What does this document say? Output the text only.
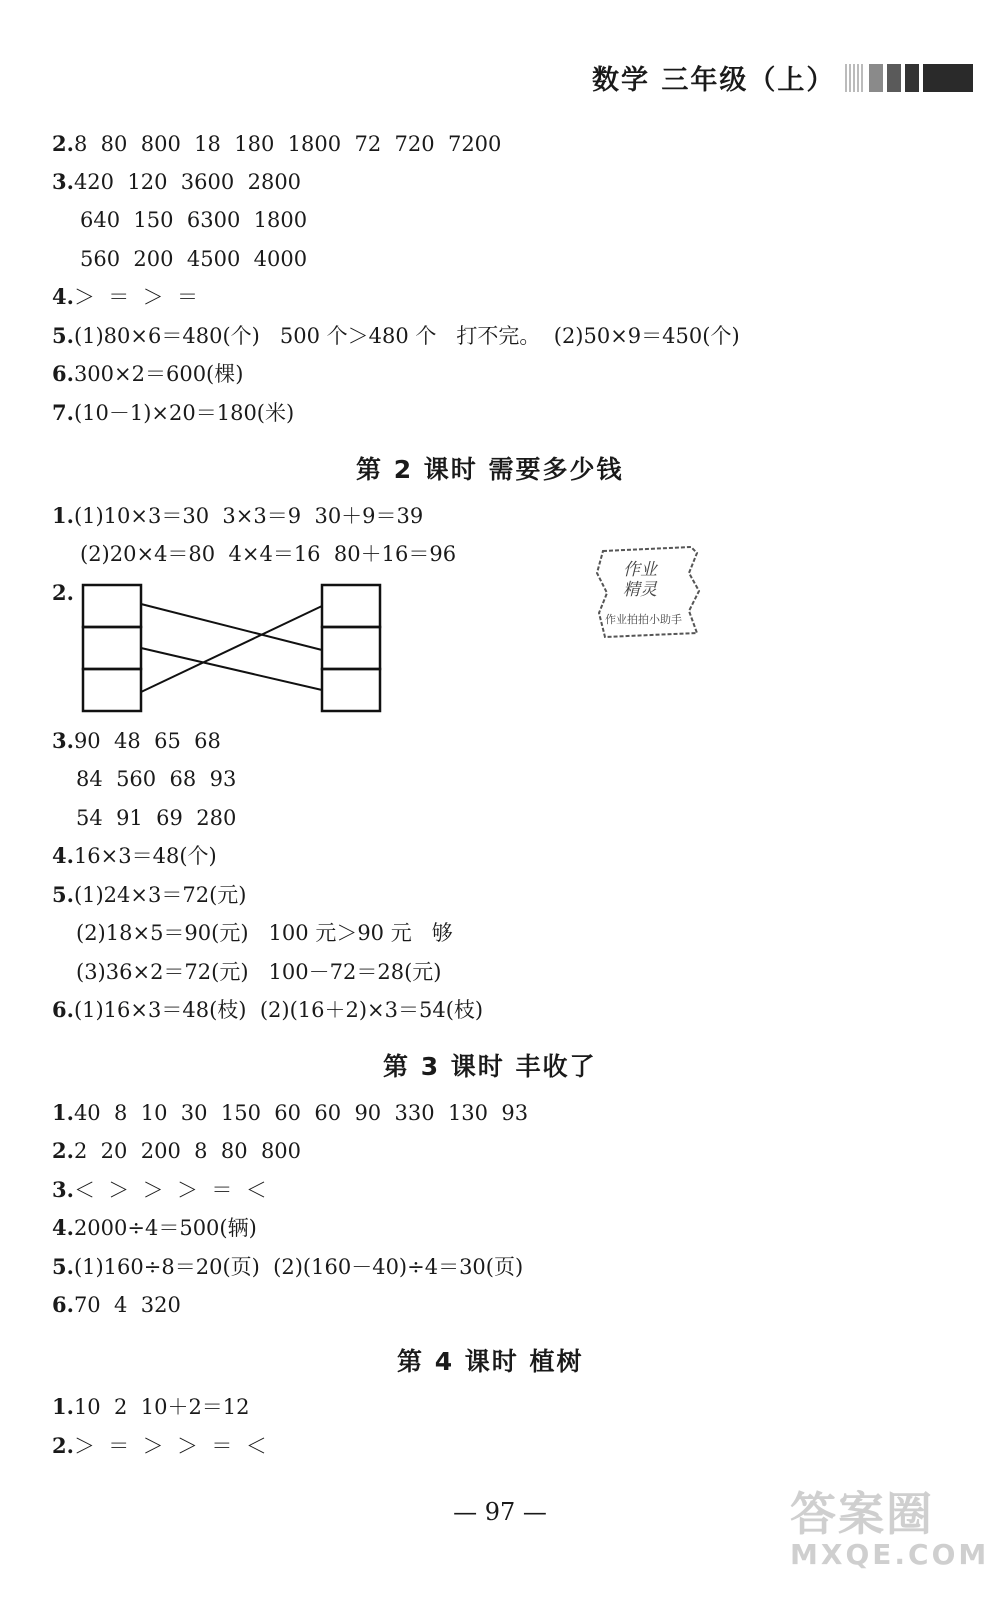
数学 三年级（上）
2.8  80  800  18  180  1800  72  720  7200
3.420  120  3600  2800
640  150  6300  1800
560  200  4500  4000
4.＞  ＝  ＞  ＝
5.(1)80×6＝480(个)   500 个＞480 个   打不完。  (2)50×9＝450(个)
6.300×2＝600(棵)
7.(10－1)×20＝180(米)
第 2 课时 需要多少钱
1.(1)10×3＝30  3×3＝9  30＋9＝39
(2)20×4＝80  4×4＝16  80＋16＝96
2.
作业
精灵
作业拍拍小助手
3.90  48  65  68
84  560  68  93
54  91  69  280
4.16×3＝48(个)
5.(1)24×3＝72(元)
(2)18×5＝90(元)   100 元＞90 元   够
(3)36×2＝72(元)   100－72＝28(元)
6.(1)16×3＝48(枝)  (2)(16＋2)×3＝54(枝)
第 3 课时 丰收了
1.40  8  10  30  150  60  60  90  330  130  93
2.2  20  200  8  80  800
3.＜  ＞  ＞  ＞  ＝  ＜
4.2000÷4＝500(辆)
5.(1)160÷8＝20(页)  (2)(160－40)÷4＝30(页)
6.70  4  320
第 4 课时 植树
1.10  2  10＋2＝12
2.＞  ＝  ＞  ＞  ＝  ＜
— 97 —	答案圈
MXQE.COM
